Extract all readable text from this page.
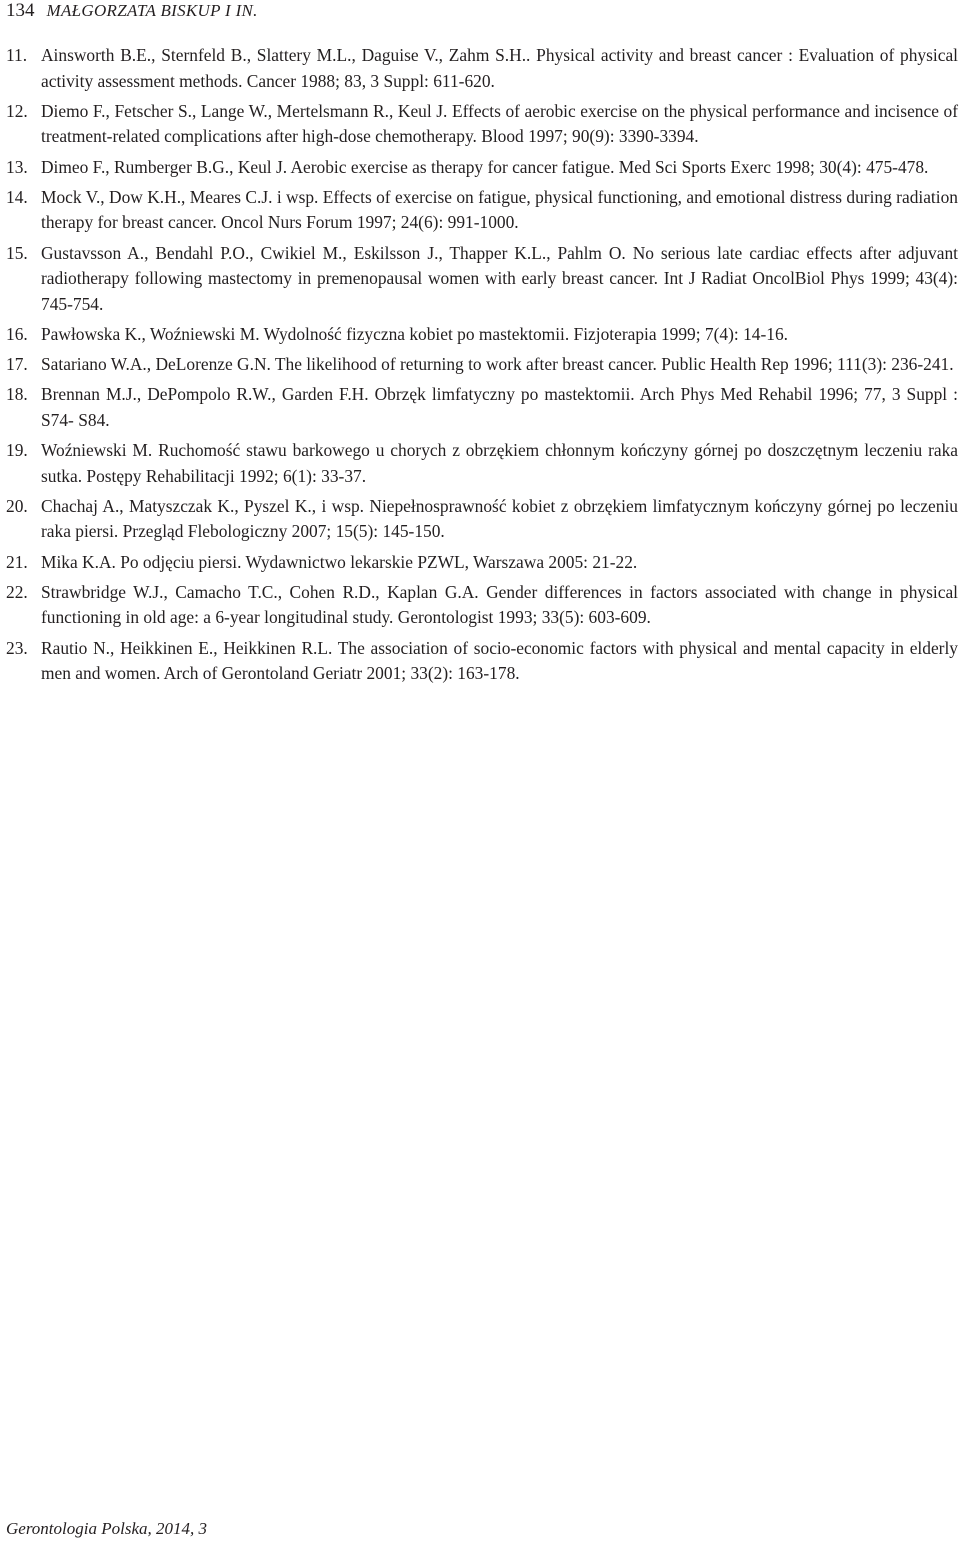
134 MAŁGORZATA BISKUP I IN.
11. Ainsworth B.E., Sternfeld B., Slattery M.L., Daguise V., Zahm S.H.. Physical activity and breast cancer : Evaluation of physical activity assessment methods. Cancer 1988; 83, 3 Suppl: 611-620.
12. Diemo F., Fetscher S., Lange W., Mertelsmann R., Keul J. Effects of aerobic exercise on the physical performance and incisence of treatment-related complications after high-dose chemotherapy. Blood 1997; 90(9): 3390-3394.
13. Dimeo F., Rumberger B.G., Keul J. Aerobic exercise as therapy for cancer fatigue. Med Sci Sports Exerc 1998; 30(4): 475-478.
14. Mock V., Dow K.H., Meares C.J. i wsp. Effects of exercise on fatigue, physical functioning, and emotional distress during radiation therapy for breast cancer. Oncol Nurs Forum 1997; 24(6): 991-1000.
15. Gustavsson A., Bendahl P.O., Cwikiel M., Eskilsson J., Thapper K.L., Pahlm O. No serious late cardiac effects after adjuvant radiotherapy following mastectomy in premenopausal women with early breast cancer. Int J Radiat OncolBiol Phys 1999; 43(4): 745-754.
16. Pawłowska K., Woźniewski M. Wydolność fizyczna kobiet po mastektomii. Fizjoterapia 1999; 7(4): 14-16.
17. Satariano W.A., DeLorenze G.N. The likelihood of returning to work after breast cancer. Public Health Rep 1996; 111(3): 236-241.
18. Brennan M.J., DePompolo R.W., Garden F.H. Obrzęk limfatyczny po mastektomii. Arch Phys Med Rehabil 1996; 77, 3 Suppl : S74- S84.
19. Woźniewski M. Ruchomość stawu barkowego u chorych z obrzękiem chłonnym kończyny górnej po doszczętnym leczeniu raka sutka. Postępy Rehabilitacji 1992; 6(1): 33-37.
20. Chachaj A., Matyszczak K., Pyszel K., i wsp. Niepełnosprawność kobiet z obrzękiem limfatycznym kończyny górnej po leczeniu raka piersi. Przegląd Flebologiczny 2007; 15(5): 145-150.
21. Mika K.A. Po odjęciu piersi. Wydawnictwo lekarskie PZWL, Warszawa 2005: 21-22.
22. Strawbridge W.J., Camacho T.C., Cohen R.D., Kaplan G.A. Gender differences in factors associated with change in physical functioning in old age: a 6-year longitudinal study. Gerontologist 1993; 33(5): 603-609.
23. Rautio N., Heikkinen E., Heikkinen R.L. The association of socio-economic factors with physical and mental capacity in elderly men and women. Arch of Gerontoland Geriatr 2001; 33(2): 163-178.
Gerontologia Polska, 2014, 3
